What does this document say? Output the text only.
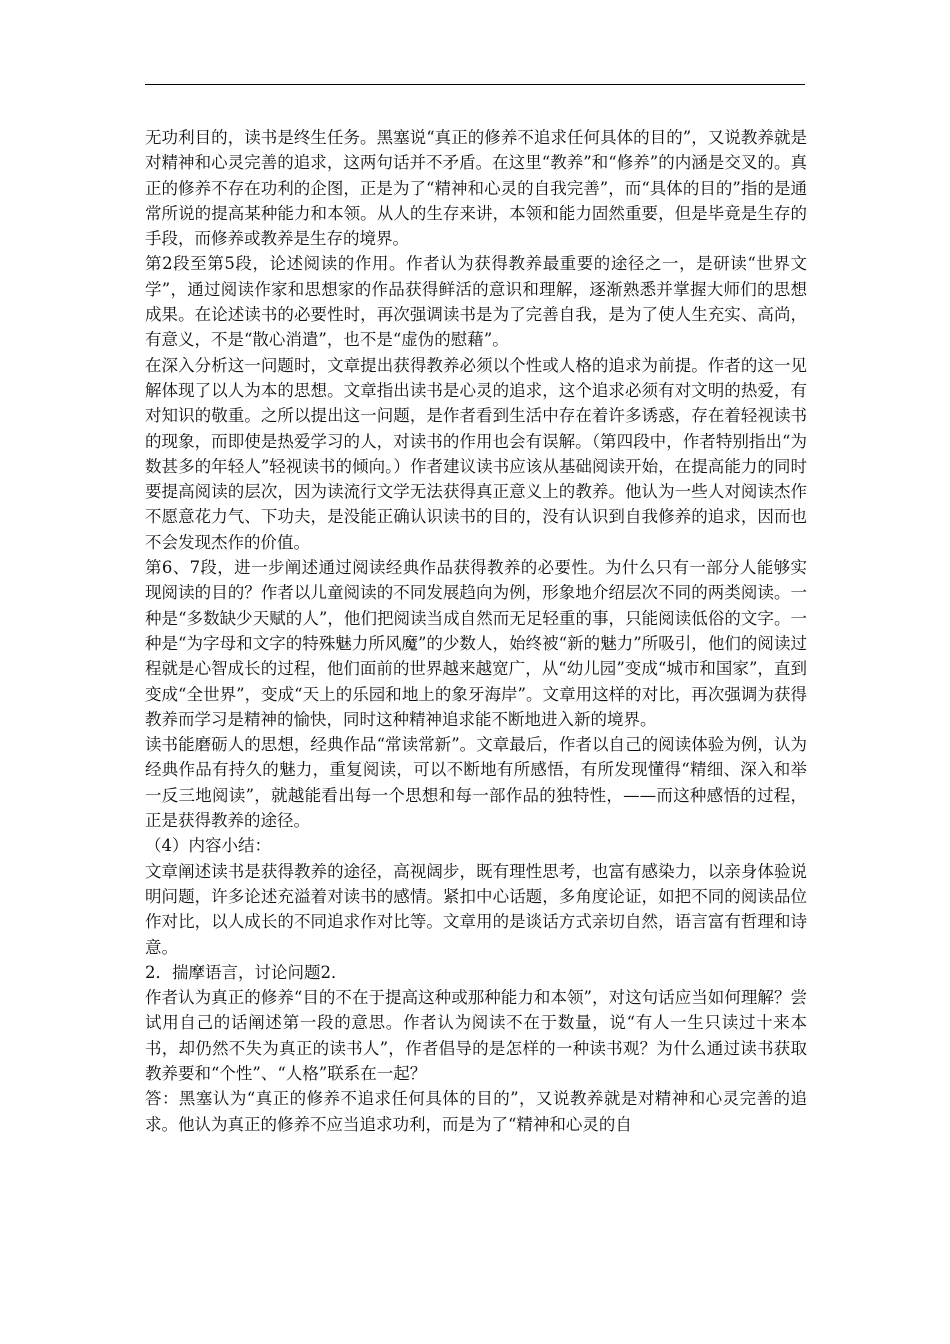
无功利目的，读书是终生任务。黑塞说“真正的修养不追求任何具体的目的”，又说教养就是对精神和心灵完善的追求，这两句话并不矛盾。在这里“教养”和“修养”的内涵是交叉的。真正的修养不存在功利的企图，正是为了“精神和心灵的自我完善”，而“具体的目的”指的是通常所说的提高某种能力和本领。从人的生存来讲，本领和能力固然重要，但是毕竟是生存的手段，而修养或教养是生存的境界。

第2段至第5段，论述阅读的作用。作者认为获得教养最重要的途径之一，是研读“世界文学”，通过阅读作家和思想家的作品获得鲜活的意识和理解，逐渐熟悉并掌握大师们的思想成果。在论述读书的必要性时，再次强调读书是为了完善自我，是为了使人生充实、高尚，有意义，不是“散心消遣”，也不是“虚伪的慰藉”。

在深入分析这一问题时，文章提出获得教养必须以个性或人格的追求为前提。作者的这一见解体现了以人为本的思想。文章指出读书是心灵的追求，这个追求必须有对文明的热爱，有对知识的敬重。之所以提出这一问题，是作者看到生活中存在着许多诱惑，存在着轻视读书的现象，而即使是热爱学习的人，对读书的作用也会有误解。（第四段中，作者特别指出“为数甚多的年轻人”轻视读书的倾向。）作者建议读书应该从基础阅读开始，在提高能力的同时要提高阅读的层次，因为读流行文学无法获得真正意义上的教养。他认为一些人对阅读杰作不愿意花力气、下功夫，是没能正确认识读书的目的，没有认识到自我修养的追求，因而也不会发现杰作的价值。

第6、7段，进一步阐述通过阅读经典作品获得教养的必要性。为什么只有一部分人能够实现阅读的目的？作者以儿童阅读的不同发展趋向为例，形象地介绍层次不同的两类阅读。一种是“多数缺少天赋的人”，他们把阅读当成自然而无足轻重的事，只能阅读低俗的文字。一种是“为字母和文字的特殊魅力所风魔”的少数人，始终被“新的魅力”所吸引，他们的阅读过程就是心智成长的过程，他们面前的世界越来越宽广，从“幼儿园”变成“城市和国家”，直到变成“全世界”，变成“天上的乐园和地上的象牙海岸”。文章用这样的对比，再次强调为获得教养而学习是精神的愉快，同时这种精神追求能不断地进入新的境界。

读书能磨砺人的思想，经典作品“常读常新”。文章最后，作者以自己的阅读体验为例，认为经典作品有持久的魅力，重复阅读，可以不断地有所感悟，有所发现懂得“精细、深入和举一反三地阅读”，就越能看出每一个思想和每一部作品的独特性，——而这种感悟的过程，正是获得教养的途径。

（4）内容小结：

文章阐述读书是获得教养的途径，高视阔步，既有理性思考，也富有感染力，以亲身体验说明问题，许多论述充溢着对读书的感情。紧扣中心话题，多角度论证，如把不同的阅读品位作对比，以人成长的不同追求作对比等。文章用的是谈话方式亲切自然，语言富有哲理和诗意。

2．揣摩语言，讨论问题2．

作者认为真正的修养“目的不在于提高这种或那种能力和本领”，对这句话应当如何理解？尝试用自己的话阐述第一段的意思。作者认为阅读不在于数量，说“有人一生只读过十来本书，却仍然不失为真正的读书人”，作者倡导的是怎样的一种读书观？为什么通过读书获取教养要和“个性”、“人格”联系在一起？

答：黑塞认为“真正的修养不追求任何具体的目的”，又说教养就是对精神和心灵完善的追求。他认为真正的修养不应当追求功利，而是为了“精神和心灵的自
